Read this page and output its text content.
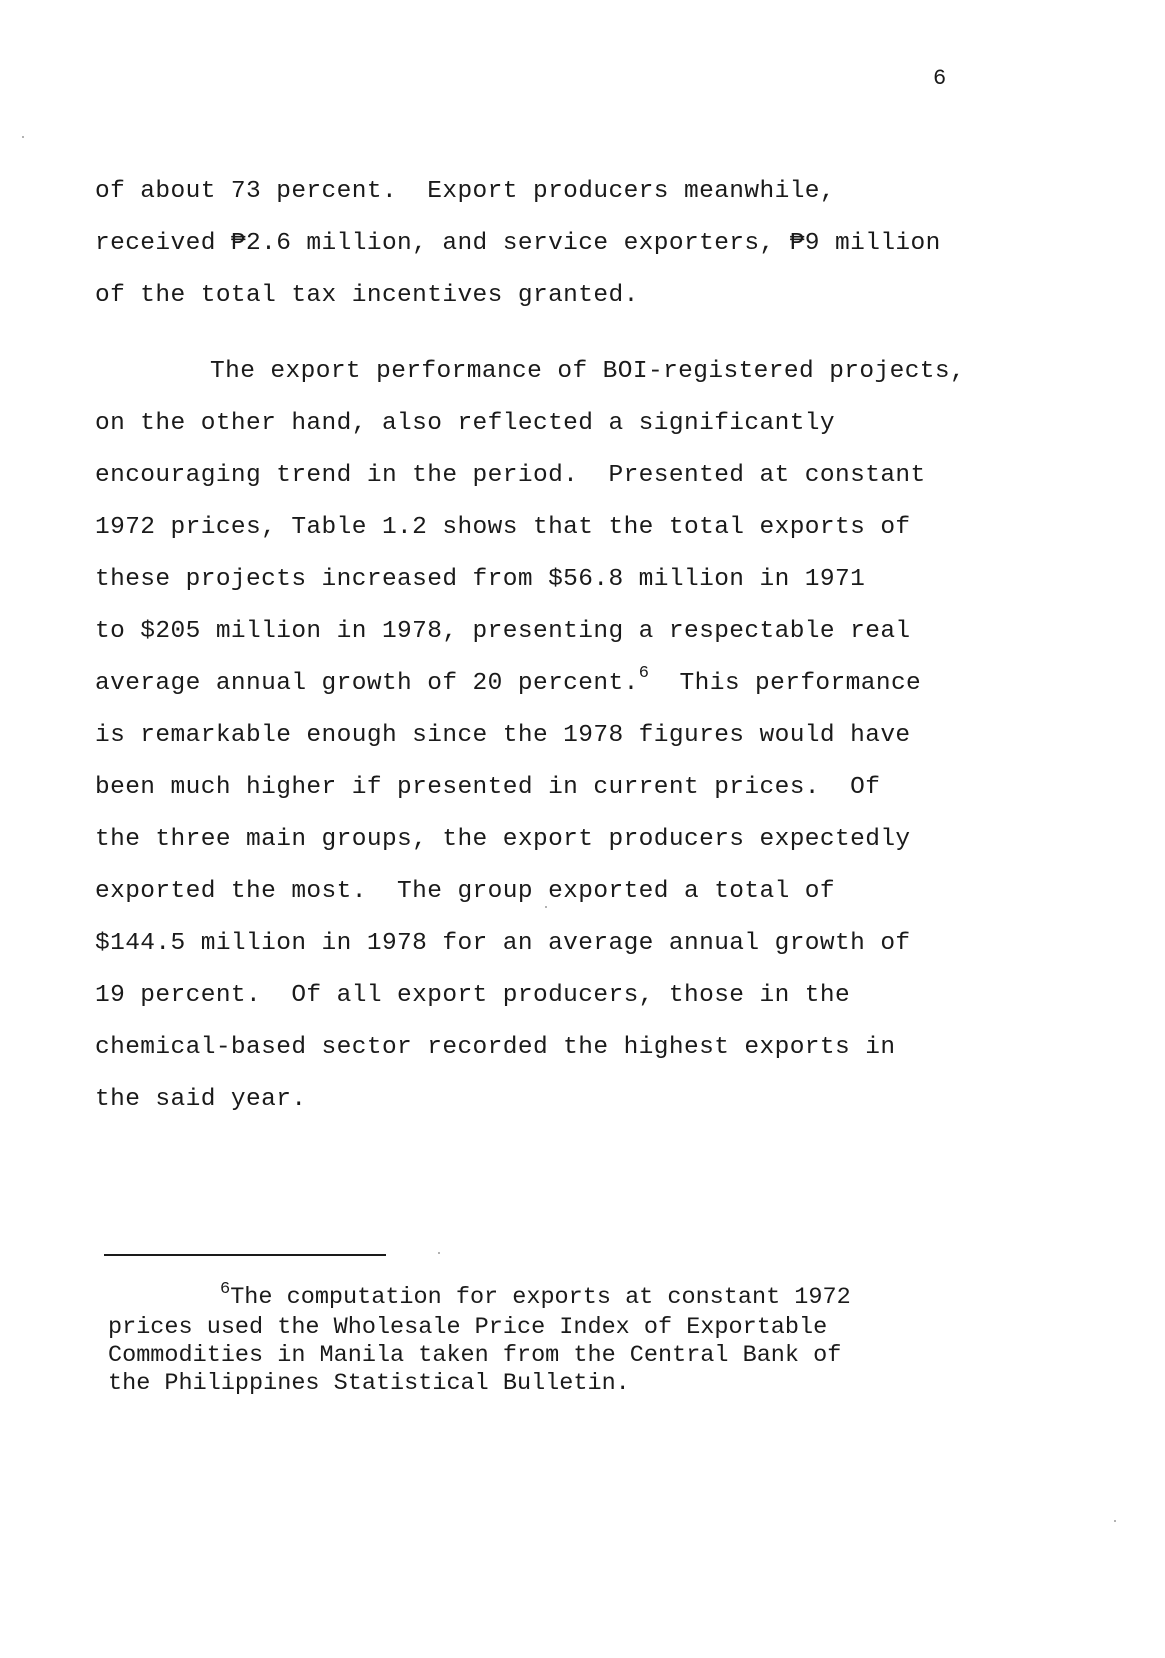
6
of about 73 percent.  Export producers meanwhile,
received ₱2.6 million, and service exporters, ₱9 million
of the total tax incentives granted.
The export performance of BOI-registered projects,
on the other hand, also reflected a significantly
encouraging trend in the period.  Presented at constant
1972 prices, Table 1.2 shows that the total exports of
these projects increased from $56.8 million in 1971
to $205 million in 1978, presenting a respectable real
average annual growth of 20 percent.$^6$ This performance
is remarkable enough since the 1978 figures would have
been much higher if presented in current prices.  Of
the three main groups, the export producers expectedly
exported the most.  The group exported a total of
$144.5 million in 1978 for an average annual growth of
19 percent.  Of all export producers, those in the
chemical-based sector recorded the highest exports in
the said year.
$^6$The computation for exports at constant 1972
prices used the Wholesale Price Index of Exportable
Commodities in Manila taken from the Central Bank of
the Philippines Statistical Bulletin.
